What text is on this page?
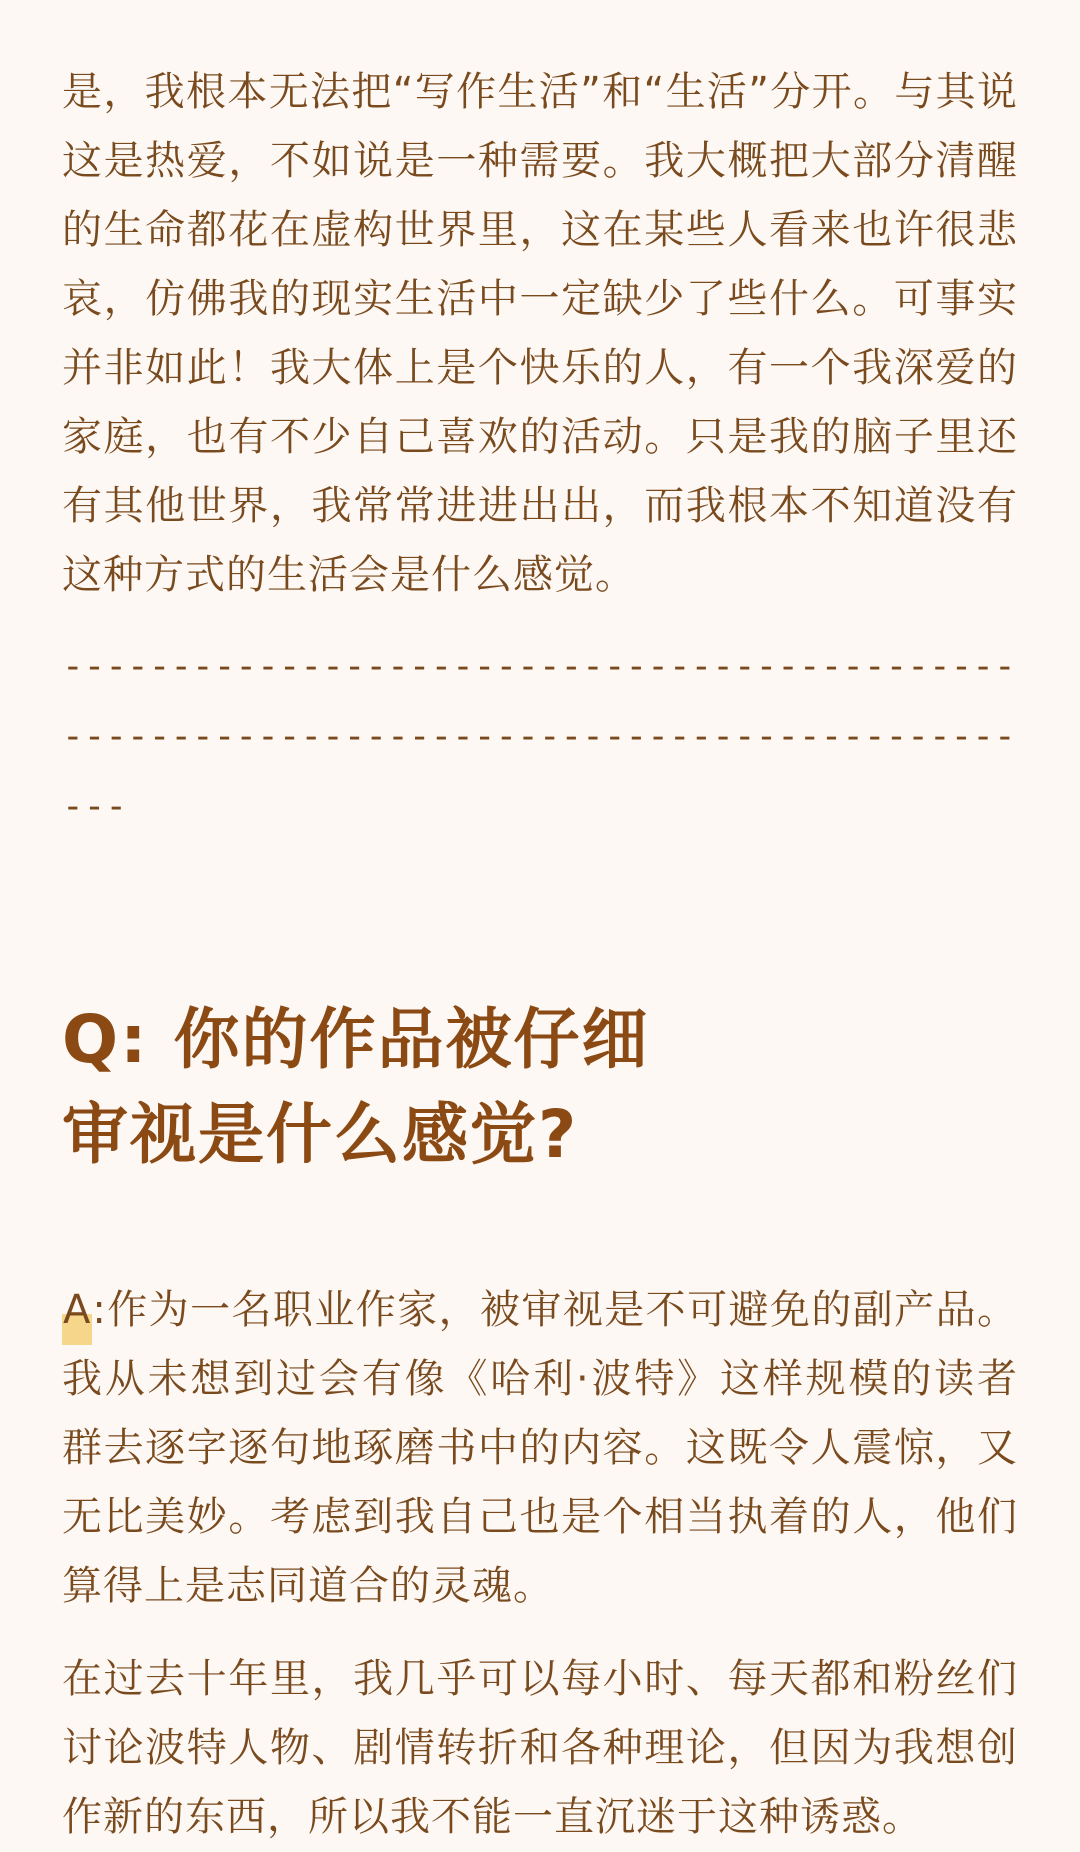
是，我根本无法把“写作生活”和“生活”分开。与其说这是热爱，不如说是一种需要。我大概把大部分清醒的生命都花在虚构世界里，这在某些人看来也许很悲哀，仿佛我的现实生活中一定缺少了些什么。可事实并非如此！我大体上是个快乐的人，有一个我深爱的家庭，也有不少自己喜欢的活动。只是我的脑子里还有其他世界，我常常进进出出，而我根本不知道没有这种方式的生活会是什么感觉。

-------------------------------------------------------------------------------------------
Q: 你的作品被仔细
审视是什么感觉?

A:作为一名职业作家，被审视是不可避免的副产品。我从未想到过会有像《哈利·波特》这样规模的读者群去逐字逐句地琢磨书中的内容。这既令人震惊，又无比美妙。考虑到我自己也是个相当执着的人，他们算得上是志同道合的灵魂。

在过去十年里，我几乎可以每小时、每天都和粉丝们讨论波特人物、剧情转折和各种理论，但因为我想创作新的东西，所以我不能一直沉迷于这种诱惑。
